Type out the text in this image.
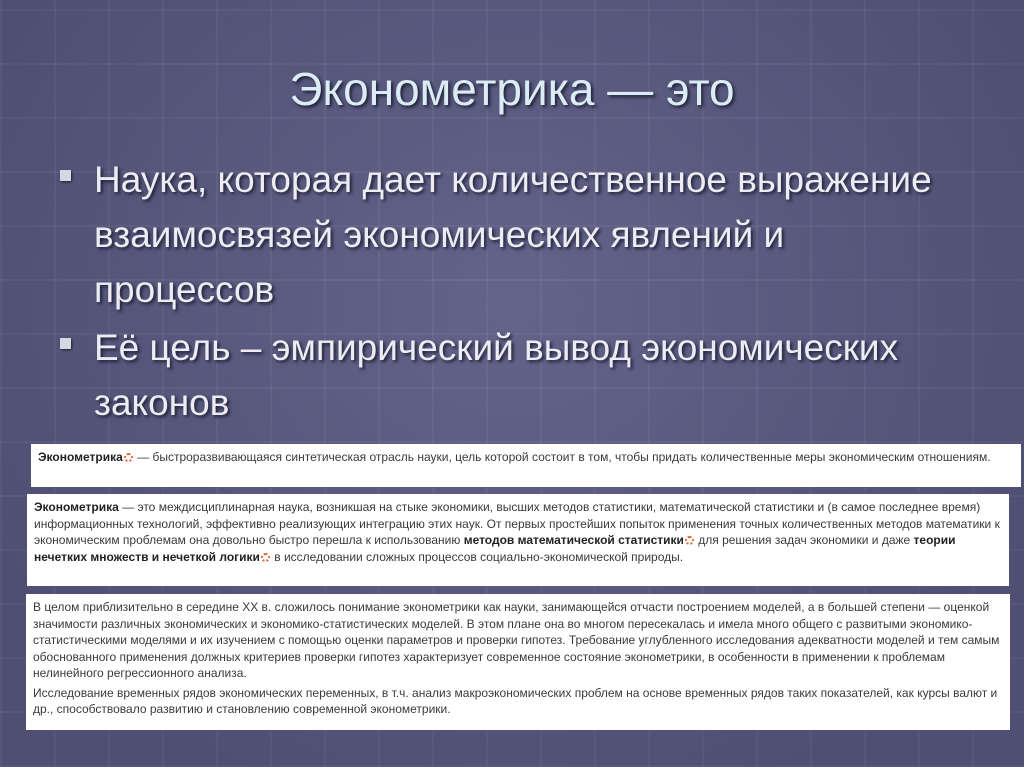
Эконометрика — это
Наука, которая дает количественное выражение взаимосвязей экономических явлений и процессов
Её цель – эмпирический вывод экономических законов
Эконометрика — быстроразвивающаяся синтетическая отрасль науки, цель которой состоит в том, чтобы придать количественные меры экономическим отношениям.
Эконометрика — это междисциплинарная наука, возникшая на стыке экономики, высших методов статистики, математической статистики и (в самое последнее время) информационных технологий, эффективно реализующих интеграцию этих наук. От первых простейших попыток применения точных количественных методов математики к экономическим проблемам она довольно быстро перешла к использованию методов математической статистики для решения задач экономики и даже теории нечетких множеств и нечеткой логики в исследовании сложных процессов социально-экономической природы.

В целом приблизительно в середине XX в. сложилось понимание эконометрики как науки, занимающейся отчасти построением моделей, а в большей степени — оценкой значимости различных экономических и экономико-статистических моделей. В этом плане она во многом пересекалась и имела много общего с развитыми экономико-статистическими моделями и их изучением с помощью оценки параметров и проверки гипотез. Требование углубленного исследования адекватности моделей и тем самым обоснованного применения должных критериев проверки гипотез характеризует современное состояние эконометрики, в особенности в применении к проблемам нелинейного регрессионного анализа.

Исследование временных рядов экономических переменных, в т.ч. анализ макроэкономических проблем на основе временных рядов таких показателей, как курсы валют и др., способствовало развитию и становлению современной эконометрики.
